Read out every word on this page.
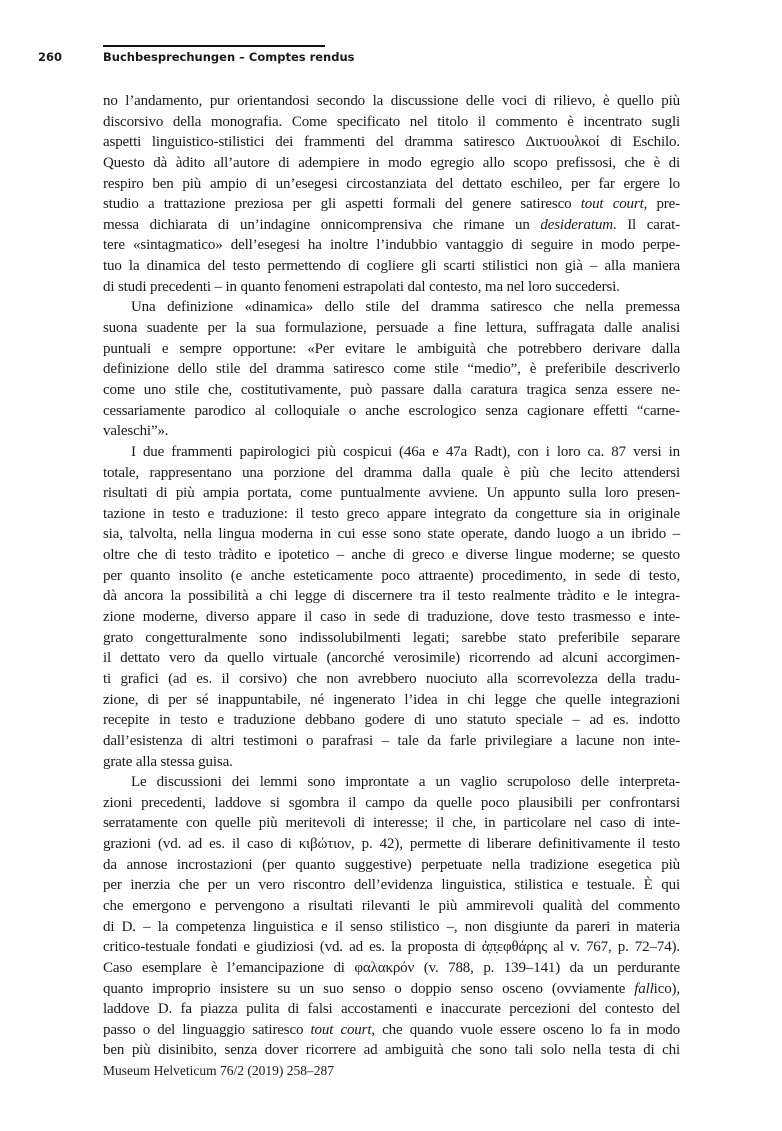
260	Buchbesprechungen – Comptes rendus
no l’andamento, pur orientandosi secondo la discussione delle voci di rilievo, è quello più
discorsivo della monografia. Come specificato nel titolo il commento è incentrato sugli
aspetti linguistico-stilistici dei frammenti del dramma satiresco Δικτυουλκοί di Eschilo.
Questo dà àdito all’autore di adempiere in modo egregio allo scopo prefissosi, che è di
respiro ben più ampio di un’esegesi circostanziata del dettato eschileo, per far ergere lo
studio a trattazione preziosa per gli aspetti formali del genere satiresco tout court, pre-
messa dichiarata di un’indagine onnicomprensiva che rimane un desideratum. Il carat-
tere «sintagmatico» dell’esegesi ha inoltre l’indubbio vantaggio di seguire in modo perpe-
tuo la dinamica del testo permettendo di cogliere gli scarti stilistici non già – alla maniera
di studi precedenti – in quanto fenomeni estrapolati dal contesto, ma nel loro succedersi.
Una definizione «dinamica» dello stile del dramma satiresco che nella premessa
suona suadente per la sua formulazione, persuade a fine lettura, suffragata dalle analisi
puntuali e sempre opportune: «Per evitare le ambiguità che potrebbero derivare dalla
definizione dello stile del dramma satiresco come stile “medio”, è preferibile descriverlo
come uno stile che, costitutivamente, può passare dalla caratura tragica senza essere ne-
cessariamente parodico al colloquiale o anche escrologico senza cagionare effetti “carne-
valeschi”».
I due frammenti papirologici più cospicui (46a e 47a Radt), con i loro ca. 87 versi in
totale, rappresentano una porzione del dramma dalla quale è più che lecito attendersi
risultati di più ampia portata, come puntualmente avviene. Un appunto sulla loro presen-
tazione in testo e traduzione: il testo greco appare integrato da congetture sia in originale
sia, talvolta, nella lingua moderna in cui esse sono state operate, dando luogo a un ibrido –
oltre che di testo tràdito e ipotetico – anche di greco e diverse lingue moderne; se questo
per quanto insolito (e anche esteticamente poco attraente) procedimento, in sede di testo,
dà ancora la possibilità a chi legge di discernere tra il testo realmente tràdito e le integra-
zione moderne, diverso appare il caso in sede di traduzione, dove testo trasmesso e inte-
grato congetturalmente sono indissolubilmenti legati; sarebbe stato preferibile separare
il dettato vero da quello virtuale (ancorché verosimile) ricorrendo ad alcuni accorgimen-
ti grafici (ad es. il corsivo) che non avrebbero nuociuto alla scorrevolezza della tradu-
zione, di per sé inappuntabile, né ingenerato l’idea in chi legge che quelle integrazioni
recepite in testo e traduzione debbano godere di uno statuto speciale – ad es. indotto
dall’esistenza di altri testimoni o parafrasi – tale da farle privilegiare a lacune non inte-
grate alla stessa guisa.
Le discussioni dei lemmi sono improntate a un vaglio scrupoloso delle interpreta-
zioni precedenti, laddove si sgombra il campo da quelle poco plausibili per confrontarsi
serratamente con quelle più meritevoli di interesse; il che, in particolare nel caso di inte-
grazioni (vd. ad es. il caso di κιβώτιον, p. 42), permette di liberare definitivamente il testo
da annose incrostazioni (per quanto suggestive) perpetuate nella tradizione esegetica più
per inerzia che per un vero riscontro dell’evidenza linguistica, stilistica e testuale. È qui
che emergono e pervengono a risultati rilevanti le più ammirevoli qualità del commento
di D. – la competenza linguistica e il senso stilistico –, non disgiunte da pareri in materia
critico-testuale fondati e giudiziosi (vd. ad es. la proposta di ἀ̣π̣εφθάρης al v. 767, p. 72–74).
Caso esemplare è l’emancipazione di φαλακρόν (v. 788, p. 139–141) da un perdurante
quanto improprio insistere su un suo senso o doppio senso osceno (ovviamente fallico),
laddove D. fa piazza pulita di falsi accostamenti e inaccurate percezioni del contesto del
passo o del linguaggio satiresco tout court, che quando vuole essere osceno lo fa in modo
ben più disinibito, senza dover ricorrere ad ambiguità che sono tali solo nella testa di chi
Museum Helveticum 76/2 (2019) 258–287
